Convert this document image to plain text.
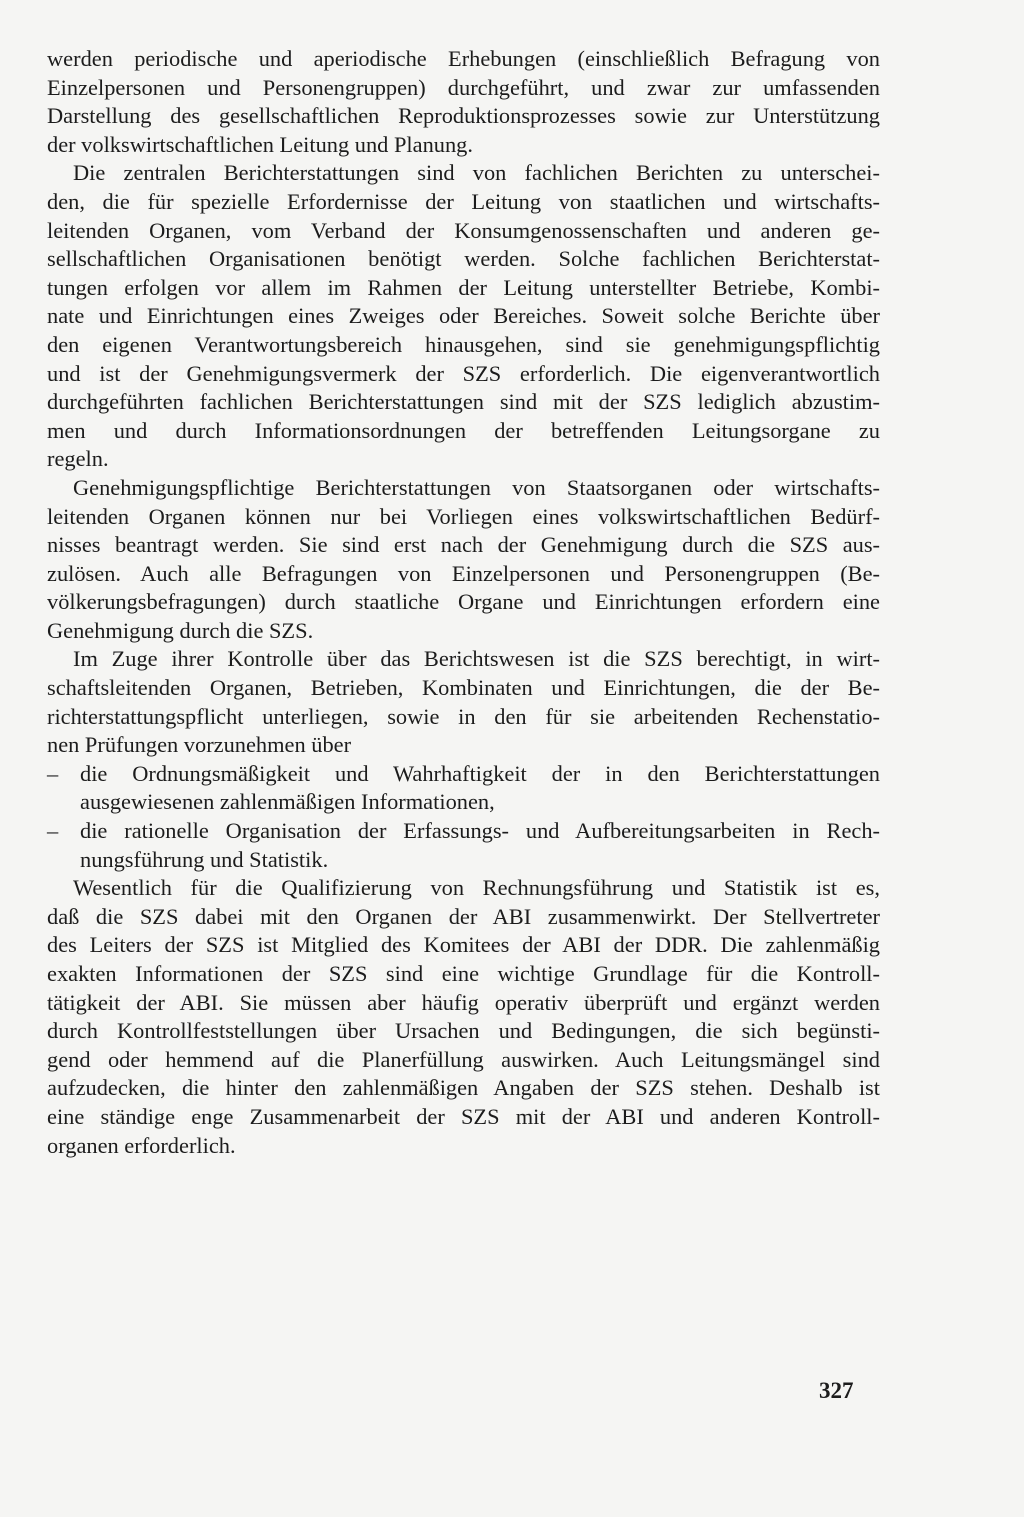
werden periodische und aperiodische Erhebungen (einschließlich Befragung von
Einzelpersonen und Personengruppen) durchgeführt, und zwar zur umfassenden
Darstellung des gesellschaftlichen Reproduktionsprozesses sowie zur Unterstützung
der volkswirtschaftlichen Leitung und Planung.
Die zentralen Berichterstattungen sind von fachlichen Berichten zu unterschei-
den, die für spezielle Erfordernisse der Leitung von staatlichen und wirtschafts-
leitenden Organen, vom Verband der Konsumgenossenschaften und anderen ge-
sellschaftlichen Organisationen benötigt werden. Solche fachlichen Berichterstat-
tungen erfolgen vor allem im Rahmen der Leitung unterstellter Betriebe, Kombi-
nate und Einrichtungen eines Zweiges oder Bereiches. Soweit solche Berichte über
den eigenen Verantwortungsbereich hinausgehen, sind sie genehmigungspflichtig
und ist der Genehmigungsvermerk der SZS erforderlich. Die eigenverantwortlich
durchgeführten fachlichen Berichterstattungen sind mit der SZS lediglich abzustim-
men und durch Informationsordnungen der betreffenden Leitungsorgane zu
regeln.
Genehmigungspflichtige Berichterstattungen von Staatsorganen oder wirtschafts-
leitenden Organen können nur bei Vorliegen eines volkswirtschaftlichen Bedürf-
nisses beantragt werden. Sie sind erst nach der Genehmigung durch die SZS aus-
zulösen. Auch alle Befragungen von Einzelpersonen und Personengruppen (Be-
völkerungsbefragungen) durch staatliche Organe und Einrichtungen erfordern eine
Genehmigung durch die SZS.
Im Zuge ihrer Kontrolle über das Berichtswesen ist die SZS berechtigt, in wirt-
schaftsleitenden Organen, Betrieben, Kombinaten und Einrichtungen, die der Be-
richterstattungspflicht unterliegen, sowie in den für sie arbeitenden Rechenstatio-
nen Prüfungen vorzunehmen über
– die Ordnungsmäßigkeit und Wahrhaftigkeit der in den Berichterstattungen
ausgewiesenen zahlenmäßigen Informationen,
– die rationelle Organisation der Erfassungs- und Aufbereitungsarbeiten in Rech-
nungsführung und Statistik.
Wesentlich für die Qualifizierung von Rechnungsführung und Statistik ist es,
daß die SZS dabei mit den Organen der ABI zusammenwirkt. Der Stellvertreter
des Leiters der SZS ist Mitglied des Komitees der ABI der DDR. Die zahlenmäßig
exakten Informationen der SZS sind eine wichtige Grundlage für die Kontroll-
tätigkeit der ABI. Sie müssen aber häufig operativ überprüft und ergänzt werden
durch Kontrollfeststellungen über Ursachen und Bedingungen, die sich begünsti-
gend oder hemmend auf die Planerfüllung auswirken. Auch Leitungsmängel sind
aufzudecken, die hinter den zahlenmäßigen Angaben der SZS stehen. Deshalb ist
eine ständige enge Zusammenarbeit der SZS mit der ABI und anderen Kontroll-
organen erforderlich.
327
